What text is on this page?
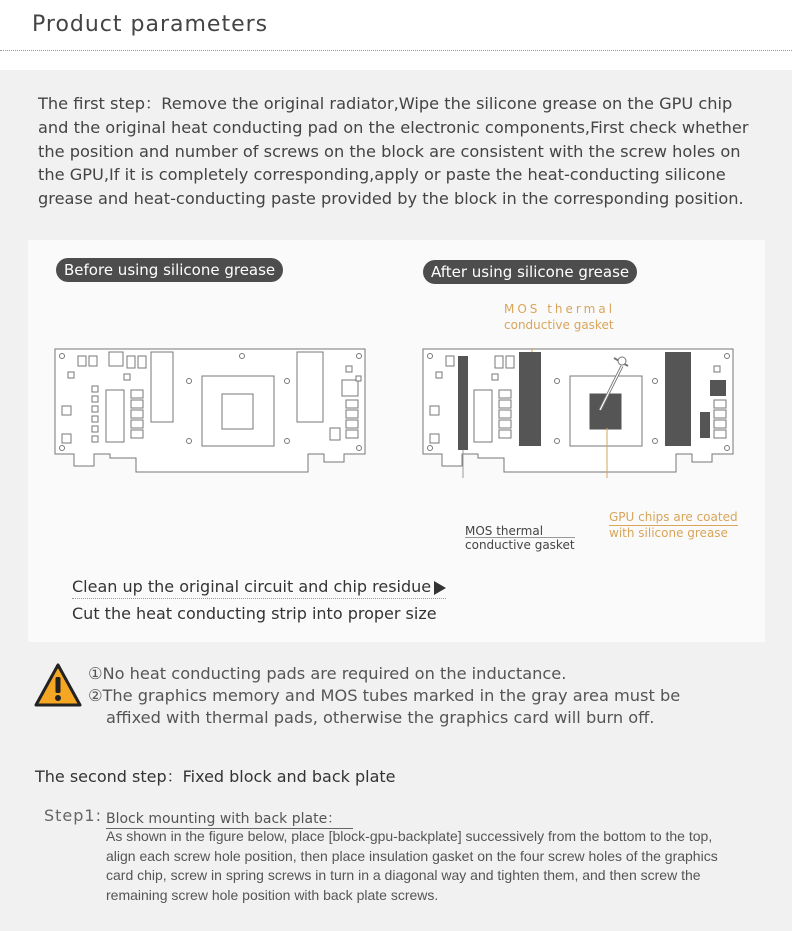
Product parameters
The first step：Remove the original radiator,Wipe the silicone grease on the GPU chip and the original heat conducting pad on the electronic components,First check whether the position and number of screws on the block are consistent with the screw holes on the GPU,If it is completely corresponding,apply or paste the heat-conducting silicone grease and heat-conducting paste provided by the block in the corresponding position.
Before using silicone grease	After using silicone grease
MOS thermal
conductive gasket
MOS thermal
conductive gasket
GPU chips are coated
with silicone grease
Clean up the original circuit and chip residue
Cut the heat conducting strip into proper size
①No heat conducting pads are required on the inductance.
②The graphics memory and MOS tubes marked in the gray area must be
affixed with thermal pads, otherwise the graphics card will burn off.
The second step：Fixed block and back plate
Step1: Block mounting with back plate：
As shown in the figure below, place [block-gpu-backplate] successively from the bottom to the top, align each screw hole position, then place insulation gasket on the four screw holes of the graphics card chip, screw in spring screws in turn in a diagonal way and tighten them, and then screw the remaining screw hole position with back plate screws.
